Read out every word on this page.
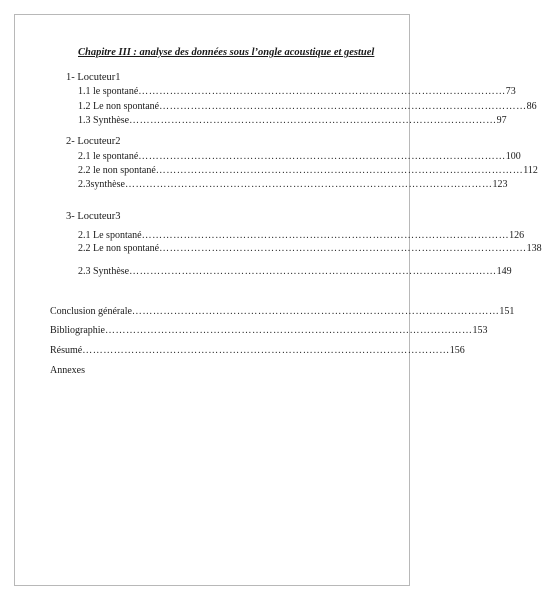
Chapitre III : analyse des données sous l’ongle acoustique et gestuel
1- Locuteur1
1.1 le spontané …………………………………………………………………………………………… 73
1.2 Le non spontané …………………………………………………………………………………………… 86
1.3 Synthèse …………………………………………………………………………………………… 97
2- Locuteur2
2.1 le spontané …………………………………………………………………………………………… 100
2.2 le non spontané …………………………………………………………………………………………… 112
2.3synthèse …………………………………………………………………………………………… 123
3- Locuteur3
2.1 Le spontané …………………………………………………………………………………………… 126
2.2 Le non spontané …………………………………………………………………………………………… 138
2.3 Synthèse …………………………………………………………………………………………… 149
Conclusion générale …………………………………………………………………………………………… 151
Bibliographie …………………………………………………………………………………………… 153
Résumé …………………………………………………………………………………………… 156
Annexes
